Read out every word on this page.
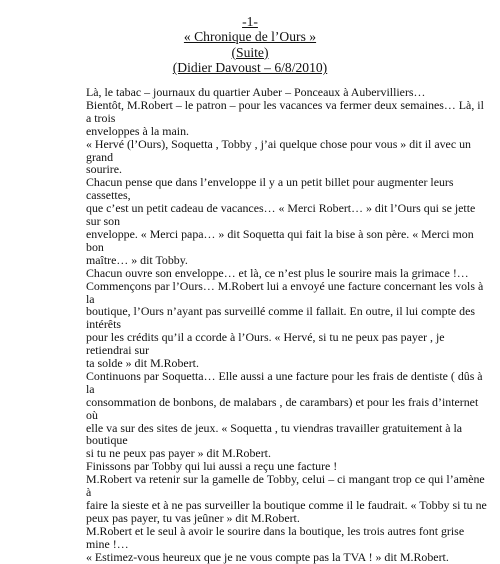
-1-
« Chronique de l’Ours »
(Suite)
(Didier Davoust – 6/8/2010)

Là, le tabac – journaux du quartier Auber – Ponceaux à Aubervilliers…

Bientôt, M.Robert – le patron – pour les vacances va fermer deux semaines… Là, il a trois
enveloppes à la main.

« Hervé (l’Ours), Soquetta , Tobby , j’ai quelque chose pour vous » dit il avec un grand
sourire.

Chacun pense que dans l’enveloppe il y a un petit billet pour augmenter leurs cassettes,
que c’est un petit cadeau de vacances… « Merci Robert… » dit l’Ours qui se jette sur son
enveloppe. « Merci papa… » dit Soquetta qui fait la bise à son père. « Merci mon bon
maître… » dit Tobby.

Chacun ouvre son enveloppe… et là, ce n’est plus le sourire mais la grimace !…

Commençons par l’Ours… M.Robert lui a envoyé une facture concernant les vols à la
boutique, l’Ours n’ayant pas surveillé comme il fallait. En outre, il lui compte des intérêts
pour les crédits qu’il a ccorde à l’Ours. « Hervé, si tu ne peux pas payer , je retiendrai sur
ta solde » dit M.Robert.

Continuons par Soquetta… Elle aussi a une facture pour les frais de dentiste ( dûs à la
consommation de bonbons, de malabars , de carambars) et pour les frais d’internet où
elle va sur des sites de jeux. « Soquetta , tu viendras travailler gratuitement à la boutique
si tu ne peux pas payer » dit M.Robert.

Finissons par Tobby qui lui aussi a reçu une facture !

M.Robert va retenir sur la gamelle de Tobby, celui – ci mangant trop ce qui l’amène à
faire la sieste et à ne pas surveiller la boutique comme il le faudrait. « Tobby si tu ne
peux pas payer, tu vas jeûner » dit M.Robert.

M.Robert et le seul à avoir le sourire dans la boutique, les trois autres font grise mine !…
« Estimez-vous heureux que je ne vous compte pas la TVA ! » dit M.Robert.
